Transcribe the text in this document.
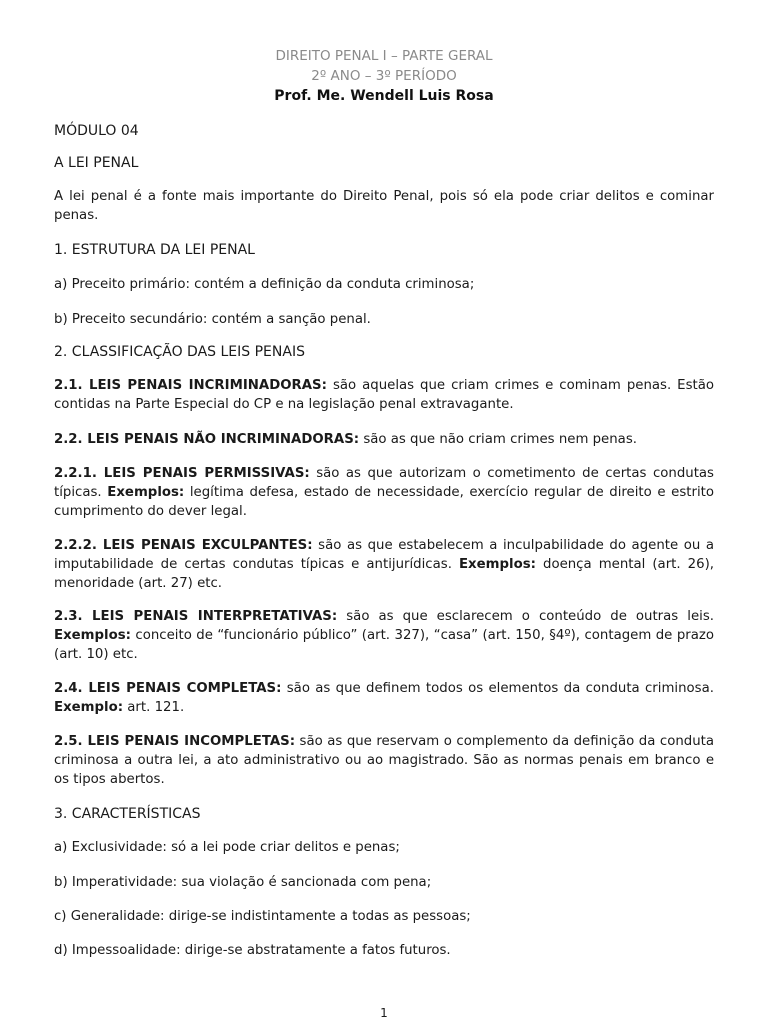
DIREITO PENAL I – PARTE GERAL
2º ANO – 3º PERÍODO
Prof. Me. Wendell Luis Rosa

MÓDULO 04

A LEI PENAL

A lei penal é a fonte mais importante do Direito Penal, pois só ela pode criar delitos e cominar penas.

1. ESTRUTURA DA LEI PENAL

a) Preceito primário: contém a definição da conduta criminosa;

b) Preceito secundário: contém a sanção penal.

2. CLASSIFICAÇÃO DAS LEIS PENAIS

2.1. LEIS PENAIS INCRIMINADORAS: são aquelas que criam crimes e cominam penas. Estão contidas na Parte Especial do CP e na legislação penal extravagante.

2.2. LEIS PENAIS NÃO INCRIMINADORAS: são as que não criam crimes nem penas.

2.2.1. LEIS PENAIS PERMISSIVAS: são as que autorizam o cometimento de certas condutas típicas. Exemplos: legítima defesa, estado de necessidade, exercício regular de direito e estrito cumprimento do dever legal.

2.2.2. LEIS PENAIS EXCULPANTES: são as que estabelecem a inculpabilidade do agente ou a imputabilidade de certas condutas típicas e antijurídicas. Exemplos: doença mental (art. 26), menoridade (art. 27) etc.

2.3. LEIS PENAIS INTERPRETATIVAS: são as que esclarecem o conteúdo de outras leis. Exemplos: conceito de “funcionário público” (art. 327), “casa” (art. 150, §4º), contagem de prazo (art. 10) etc.

2.4. LEIS PENAIS COMPLETAS: são as que definem todos os elementos da conduta criminosa. Exemplo: art. 121.

2.5. LEIS PENAIS INCOMPLETAS: são as que reservam o complemento da definição da conduta criminosa a outra lei, a ato administrativo ou ao magistrado. São as normas penais em branco e os tipos abertos.

3. CARACTERÍSTICAS

a) Exclusividade: só a lei pode criar delitos e penas;

b) Imperatividade: sua violação é sancionada com pena;

c) Generalidade: dirige-se indistintamente a todas as pessoas;

d) Impessoalidade: dirige-se abstratamente a fatos futuros.

1
